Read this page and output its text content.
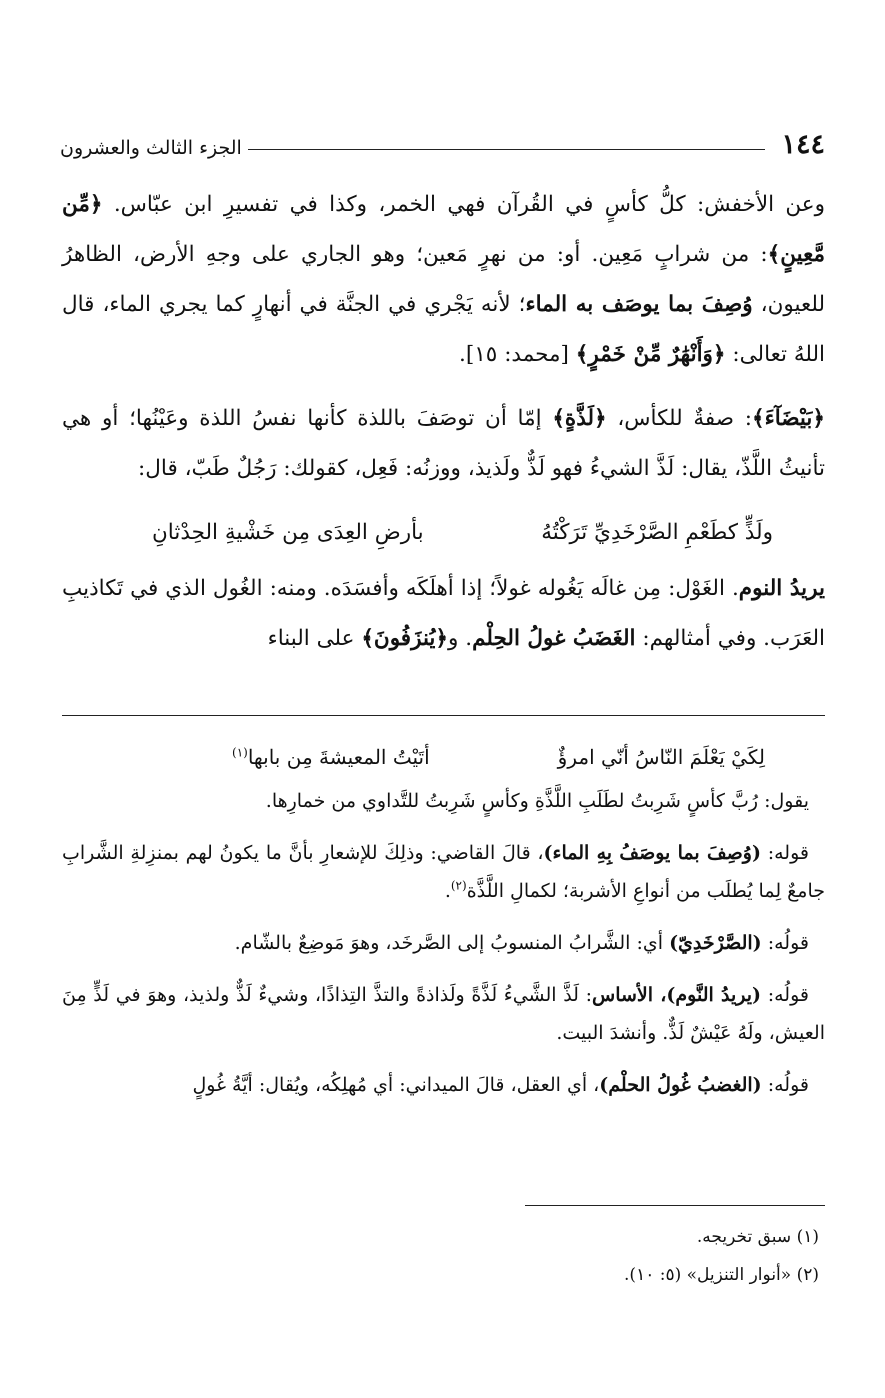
١٤٤
الجزء الثالث والعشرون

وعن الأخفش: كلُّ كأسٍ في القُرآن فهي الخمر، وكذا في تفسيرِ ابن عبّاس. ﴿مِّن مَّعِينٍ﴾: من شرابٍ مَعِين. أو: من نهرٍ مَعين؛ وهو الجاري على وجهِ الأرض، الظاهرُ للعيون، وُصِفَ بما يوصَف به الماء؛ لأنه يَجْري في الجنَّة في أنهارٍ كما يجري الماء، قال اللهُ تعالى: ﴿وَأَنْهَٰرٌ مِّنْ خَمْرٍ﴾ [محمد: ١٥].

﴿بَيْضَآءَ﴾: صفةٌ للكأس، ﴿لَذَّةٍ﴾ إمّا أن توصَفَ باللذة كأنها نفسُ اللذة وعَيْنُها؛ أو هي تأنيثُ اللَّذّ، يقال: لَذَّ الشيءُ فهو لَذٌّ ولَذيذ، ووزنُه: فَعِل، كقولك: رَجُلٌ طَبّ، قال:

ولَذٍّ كطَعْمِ الصَّرْخَدِيِّ تَرَكْتُهُ
بأرضِ العِدَى مِن خَشْيةِ الحِدْثانِ

يريدُ النوم. الغَوْل: مِن غالَه يَغُوله غولاً؛ إذا أهلَكَه وأفسَدَه. ومنه: الغُول الذي في تَكاذيبِ العَرَب. وفي أمثالهم: الغَضَبُ غولُ الحِلْم. و﴿يُنزَفُونَ﴾ على البناء

لِكَيْ يَعْلَمَ النّاسُ أنّي امرؤٌ
أتَيْتُ المعيشةَ مِن بابها$^{(١)}$

يقول: رُبَّ كأسٍ شَرِبتُ لطَلَبِ اللَّذَّةِ وكأسٍ شَرِبتُ للتَّداوي من خمارِها.

قوله: (وُصِفَ بما يوصَفُ بِهِ الماء)، قالَ القاضي: وذلِكَ للإشعارِ بأنَّ ما يكونُ لهم بمنزِلةِ الشَّرابِ جامعٌ لِما يُطلَب من أنواعِ الأشربة؛ لكمالِ اللَّذَّة$^{(٢)}$.

قولُه: (الصَّرْخَدِيّ) أي: الشَّرابُ المنسوبُ إلى الصَّرخَد، وهوَ مَوضِعٌ بالشّام.

قولُه: (يريدُ النَّوم)، الأساس: لَذَّ الشَّيءُ لَذَّةً ولَذاذةً والتذَّ التِذاذًا، وشيءٌ لَذٌّ ولذيذ، وهوَ في لَذٍّ مِنَ العيش، ولَهُ عَيْشٌ لَذٌّ. وأنشدَ البيت.

قولُه: (الغضبُ غُولُ الحلْم)، أي العقل، قالَ الميداني: أي مُهلِكُه، ويُقال: أيَّةُ غُولٍ

(١) سبق تخريجه.

(٢) «أنوار التنزيل» (٥: ١٠).
